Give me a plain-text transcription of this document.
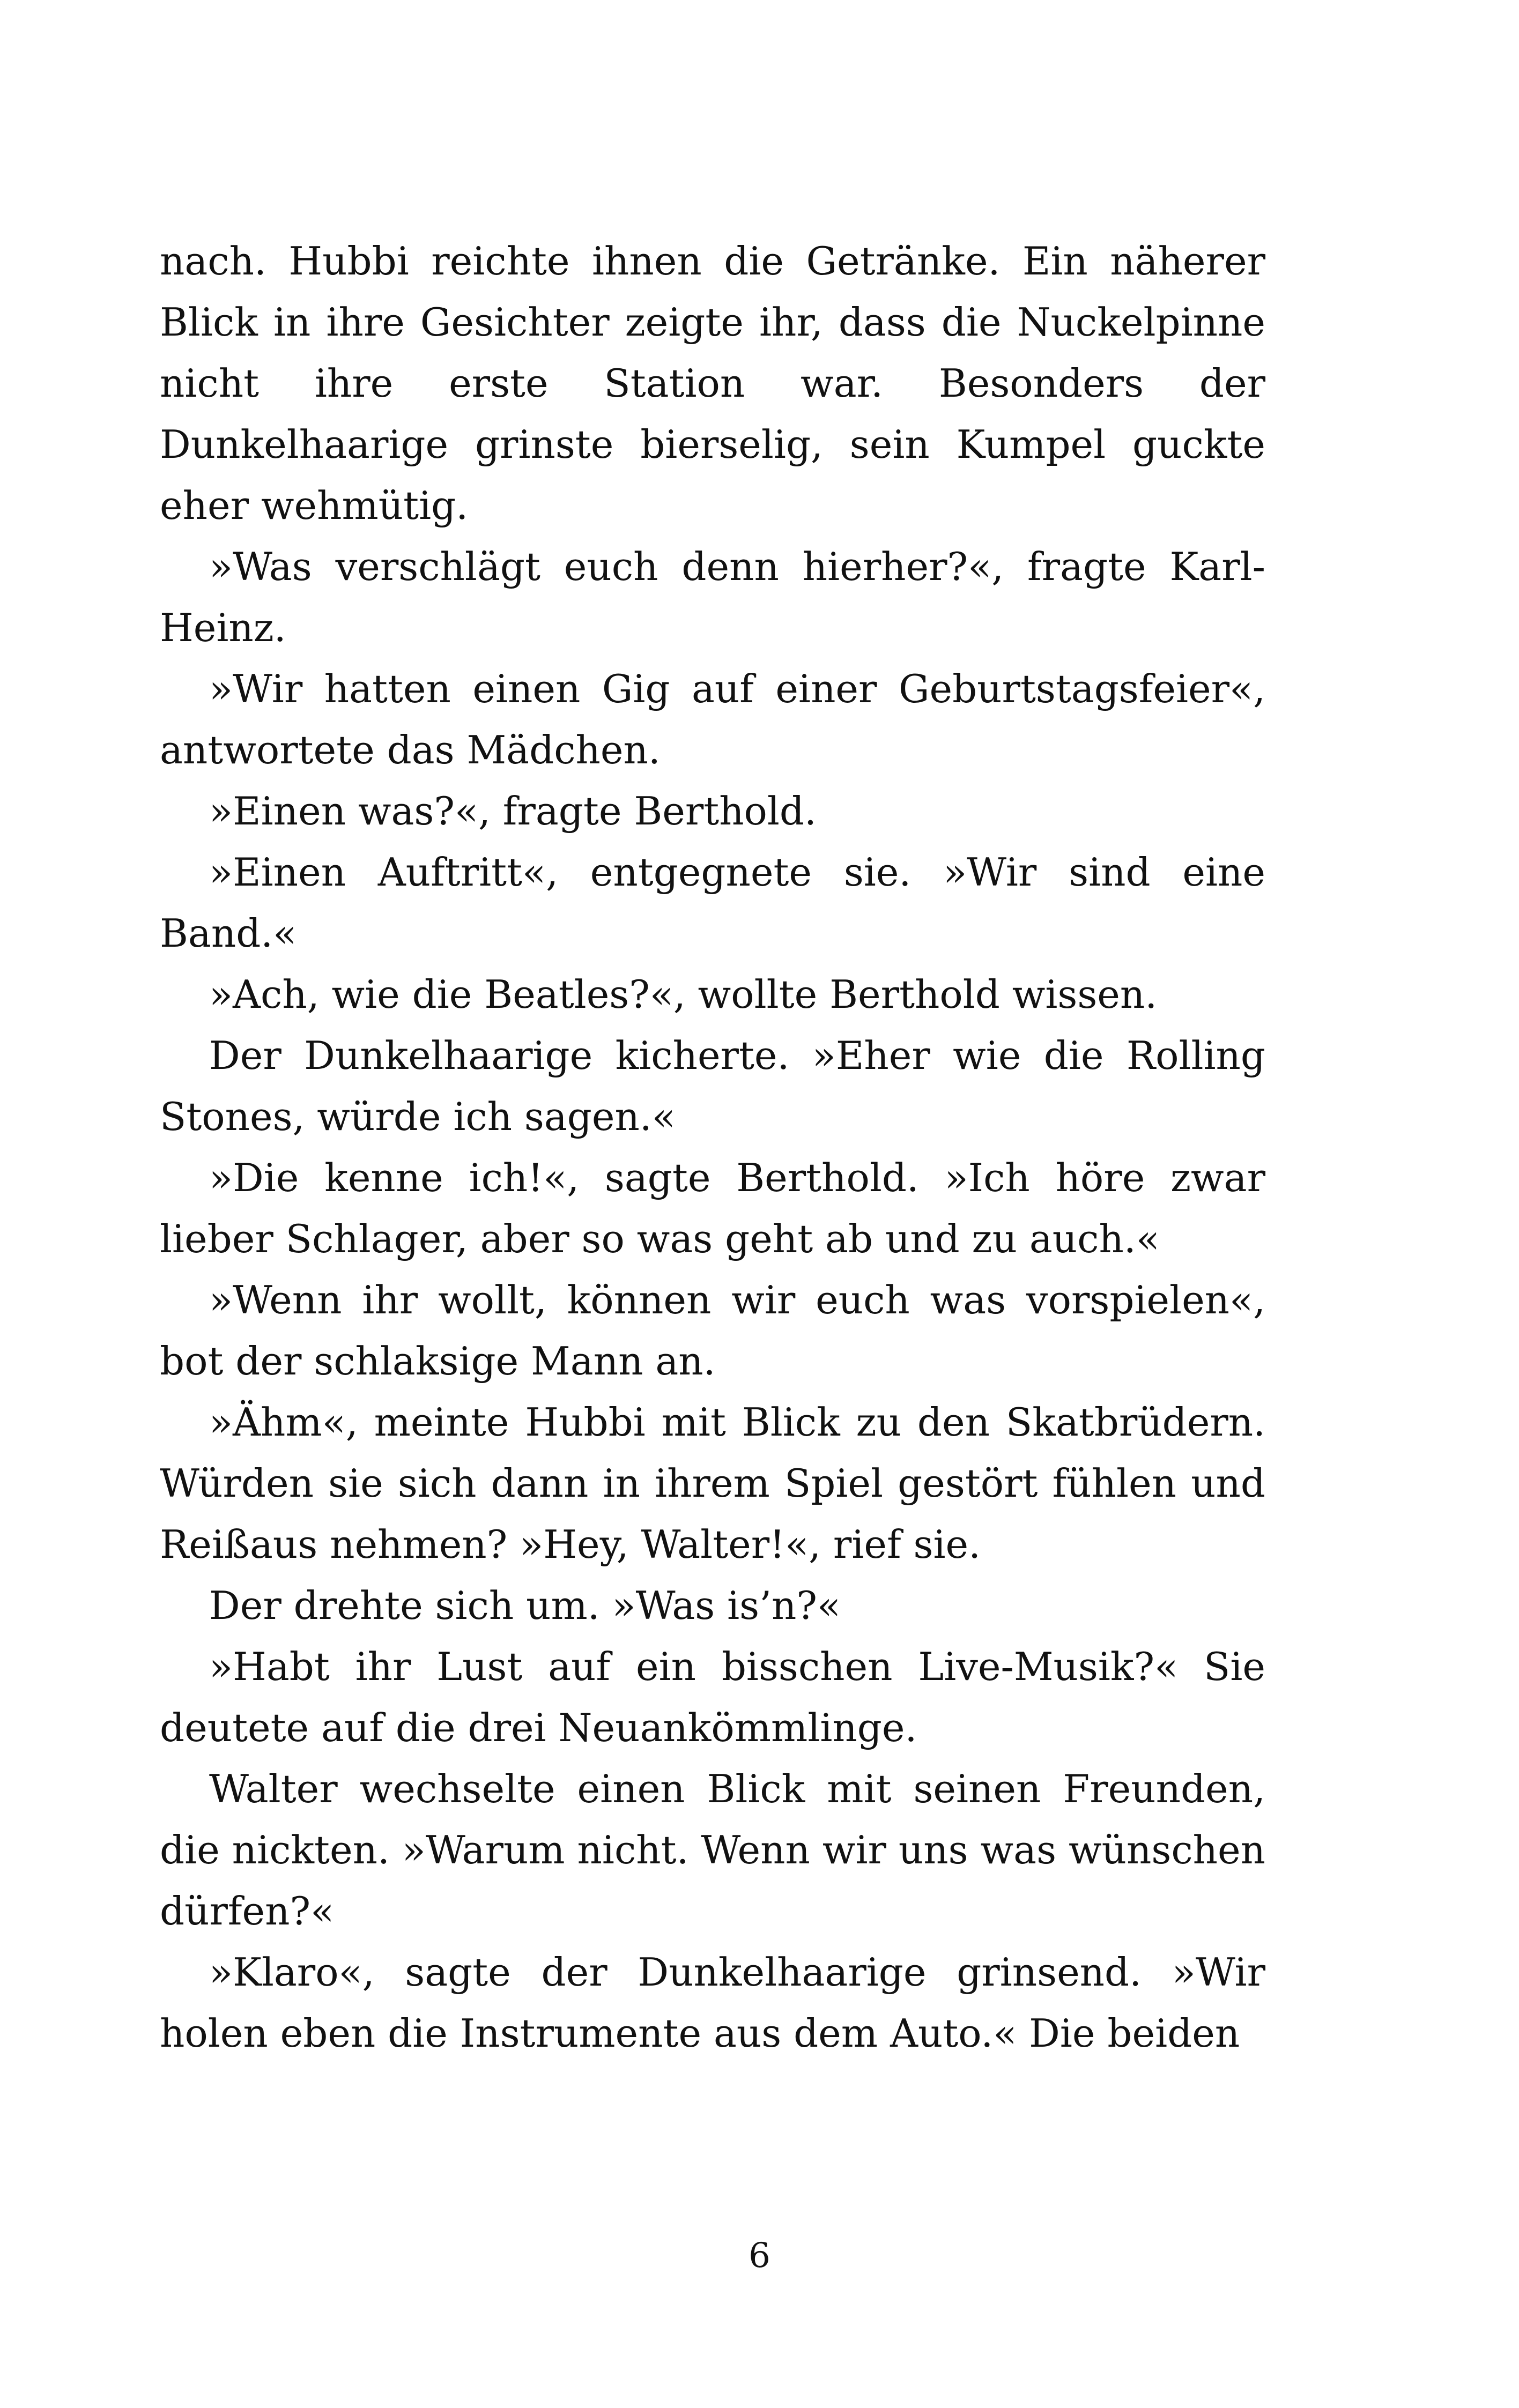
nach. Hubbi reichte ihnen die Getränke. Ein näherer Blick in ihre Gesichter zeigte ihr, dass die Nuckelpinne nicht ihre erste Station war. Besonders der Dunkelhaarige grinste bierselig, sein Kumpel guckte eher wehmütig.

»Was verschlägt euch denn hierher?«, fragte Karl-Heinz.

»Wir hatten einen Gig auf einer Geburtstagsfeier«, antwortete das Mädchen.

»Einen was?«, fragte Berthold.

»Einen Auftritt«, entgegnete sie. »Wir sind eine Band.«

»Ach, wie die Beatles?«, wollte Berthold wissen.

Der Dunkelhaarige kicherte. »Eher wie die Rolling Stones, würde ich sagen.«

»Die kenne ich!«, sagte Berthold. »Ich höre zwar lieber Schlager, aber so was geht ab und zu auch.«

»Wenn ihr wollt, können wir euch was vorspielen«, bot der schlaksige Mann an.

»Ähm«, meinte Hubbi mit Blick zu den Skatbrüdern. Würden sie sich dann in ihrem Spiel gestört fühlen und Reißaus nehmen? »Hey, Walter!«, rief sie.

Der drehte sich um. »Was is’n?«

»Habt ihr Lust auf ein bisschen Live-Musik?« Sie deutete auf die drei Neuankömmlinge.

Walter wechselte einen Blick mit seinen Freunden, die nickten. »Warum nicht. Wenn wir uns was wünschen dürfen?«

»Klaro«, sagte der Dunkelhaarige grinsend. »Wir holen eben die Instrumente aus dem Auto.« Die beiden

6
